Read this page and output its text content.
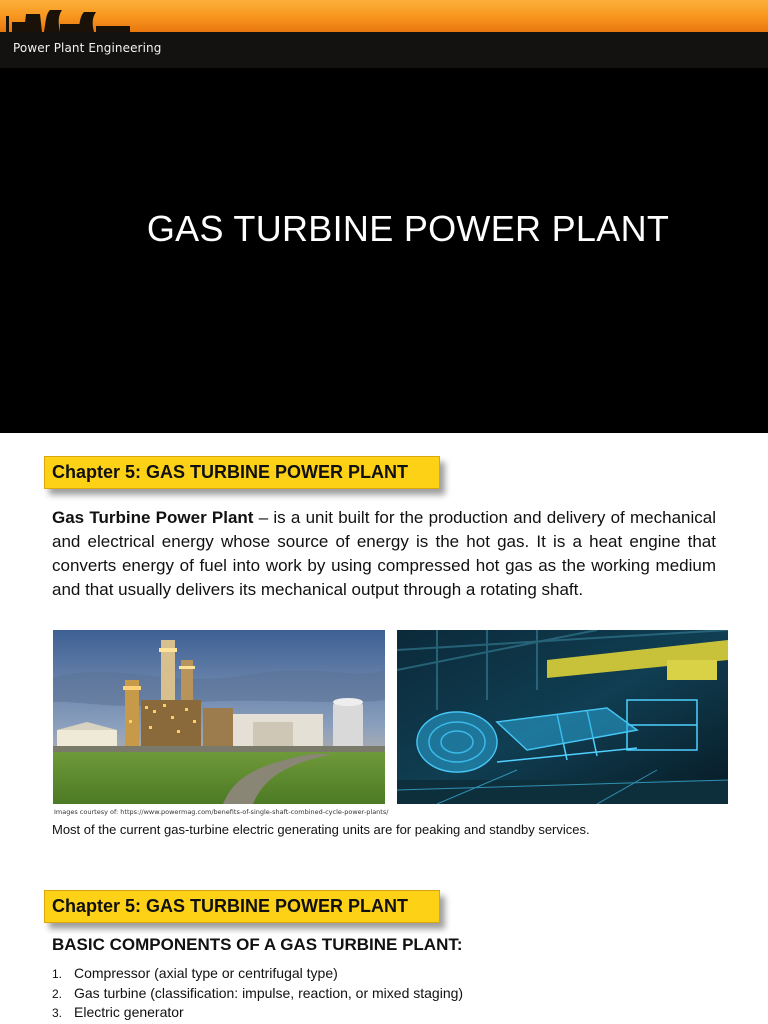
Power Plant Engineering
GAS TURBINE POWER PLANT
Chapter 5: GAS TURBINE POWER PLANT
Gas Turbine Power Plant – is a unit built for the production and delivery of mechanical and electrical energy whose source of energy is the hot gas. It is a heat engine that converts energy of fuel into work by using compressed hot gas as the working medium and that usually delivers its mechanical output through a rotating shaft.
Images courtesy of: https://www.powermag.com/benefits-of-single-shaft-combined-cycle-power-plants/
Most of the current gas-turbine electric generating units are for peaking and standby services.
Chapter 5: GAS TURBINE POWER PLANT
BASIC COMPONENTS OF A GAS TURBINE PLANT:
1. Compressor (axial type or centrifugal type)
2. Gas turbine (classification: impulse, reaction, or mixed staging)
3. Electric generator
